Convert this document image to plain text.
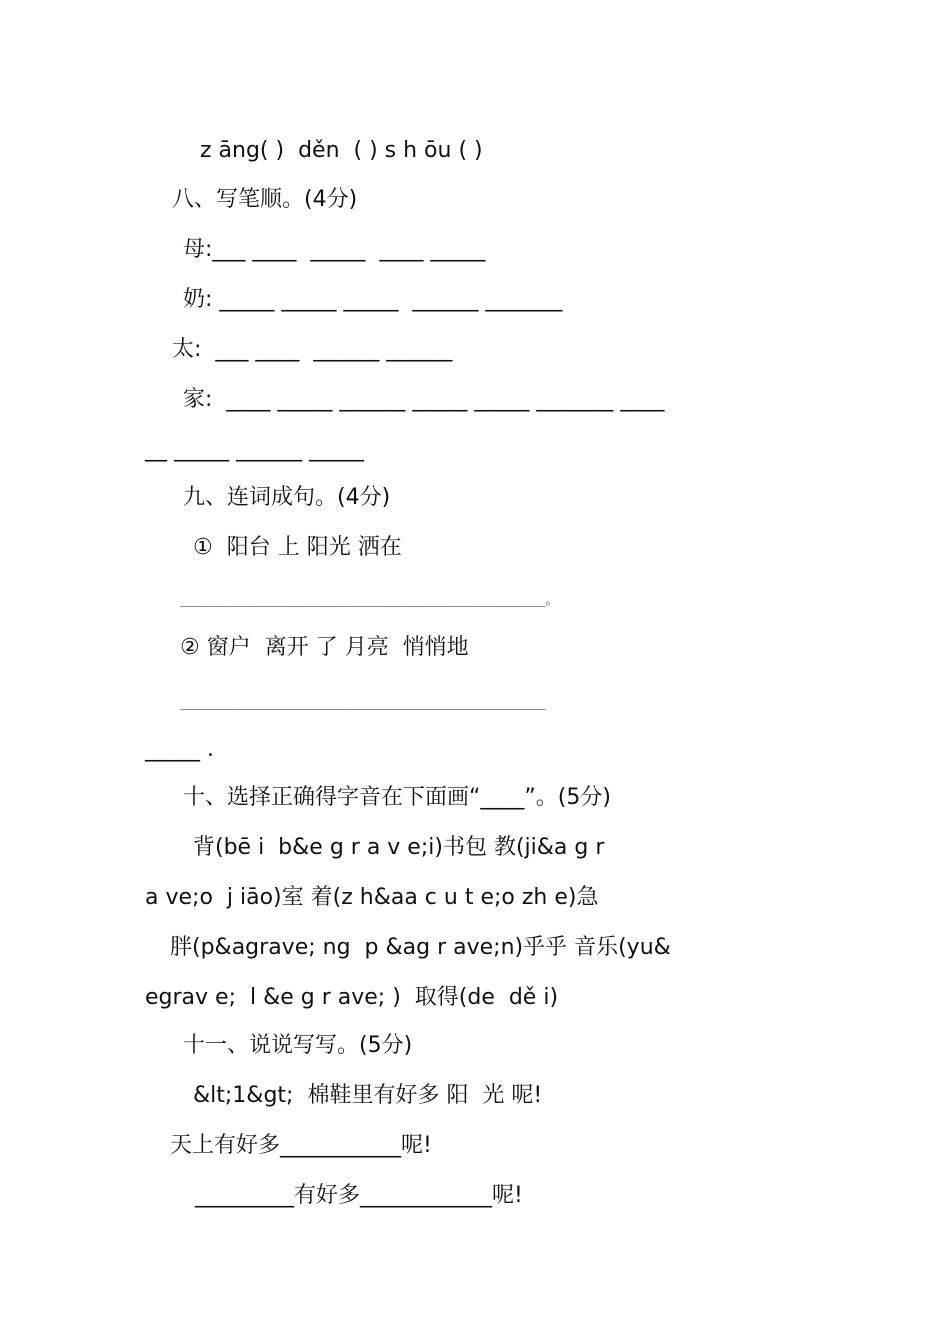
z āng( )  děn  ( ) s h ōu ( )
八、写笔顺。(4分)
母:___ ____  _____  ____ _____
奶: _____ _____ _____  ______ _______
太:  ___ ____  ______ ______
家:  ____ _____ ______ _____ _____ _______ ____
__ _____ ______ _____
九、连词成句。(4分)
①  阳台 上 阳光 洒在
_________________________________________________。
② 窗户  离开 了 月亮  悄悄地
_________________________________________________
_____ .
十、选择正确得字音在下面画“____”。(5分)
背(bē i  b&e g r a v e;i)书包 教(ji&a g r
a ve;o  j iāo)室 着(z h&aa c u t e;o zh e)急
胖(p&agrave; ng  p &ag r ave;n)乎乎 音乐(yu&
egrav e;  l &e g r ave; )  取得(de  dě i)
十一、说说写写。(5分)
&lt;1&gt;  棉鞋里有好多 阳  光 呢!
天上有好多___________呢!
_________有好多____________呢!
